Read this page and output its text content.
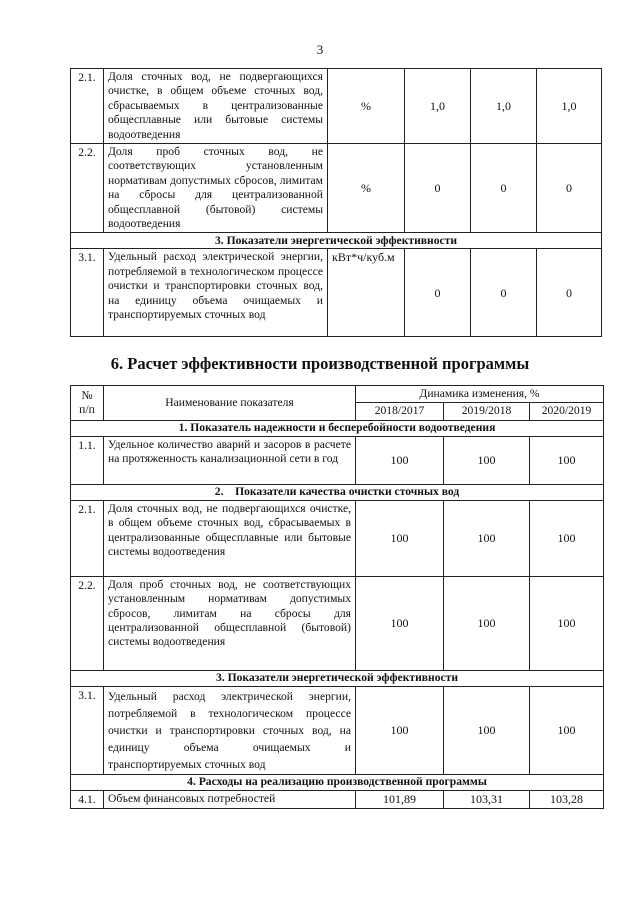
3
2.1.	Доля сточных вод, не подвергающихся очистке, в общем объеме сточных вод, сбрасываемых в централизованные общесплавные или бытовые системы водоотведения	%	1,0	1,0	1,0
2.2.	Доля проб сточных вод, не соответствующих установленным нормативам допустимых сбросов, лимитам на сбросы для централизованной общесплавной (бытовой) системы водоотведения	%	0	0	0
3. Показатели энергетической эффективности					
3.1.	Удельный расход электрической энергии, потребляемой в технологическом процессе очистки и транспортировки сточных вод, на единицу объема очищаемых и транспортируемых сточных вод	кВт*ч/куб.м	0	0	0
6. Расчет эффективности производственной программы
№
п/п	Наименование показателя	Динамика изменения, %		
		2018/2017	2019/2018	2020/2019
1. Показатель надежности и бесперебойности водоотведения				
1.1.	Удельное количество аварий и засоров в расчете на протяженность канализационной сети в год	100	100	100
2.    Показатели качества очистки сточных вод				
2.1.	Доля сточных вод, не подвергающихся очистке, в общем объеме сточных вод, сбрасываемых в централизованные общесплавные или бытовые системы водоотведения	100	100	100
2.2.	Доля проб сточных вод, не соответствующих установленным нормативам допустимых сбросов, лимитам на сбросы для централизованной общесплавной (бытовой) системы водоотведения	100	100	100
3. Показатели энергетической эффективности				
3.1.	Удельный расход электрической энергии, потребляемой в технологическом процессе очистки и транспортировки сточных вод, на единицу объема очищаемых и транспортируемых сточных вод	100	100	100
4. Расходы на реализацию производственной программы				
4.1.	Объем финансовых потребностей	101,89	103,31	103,28
